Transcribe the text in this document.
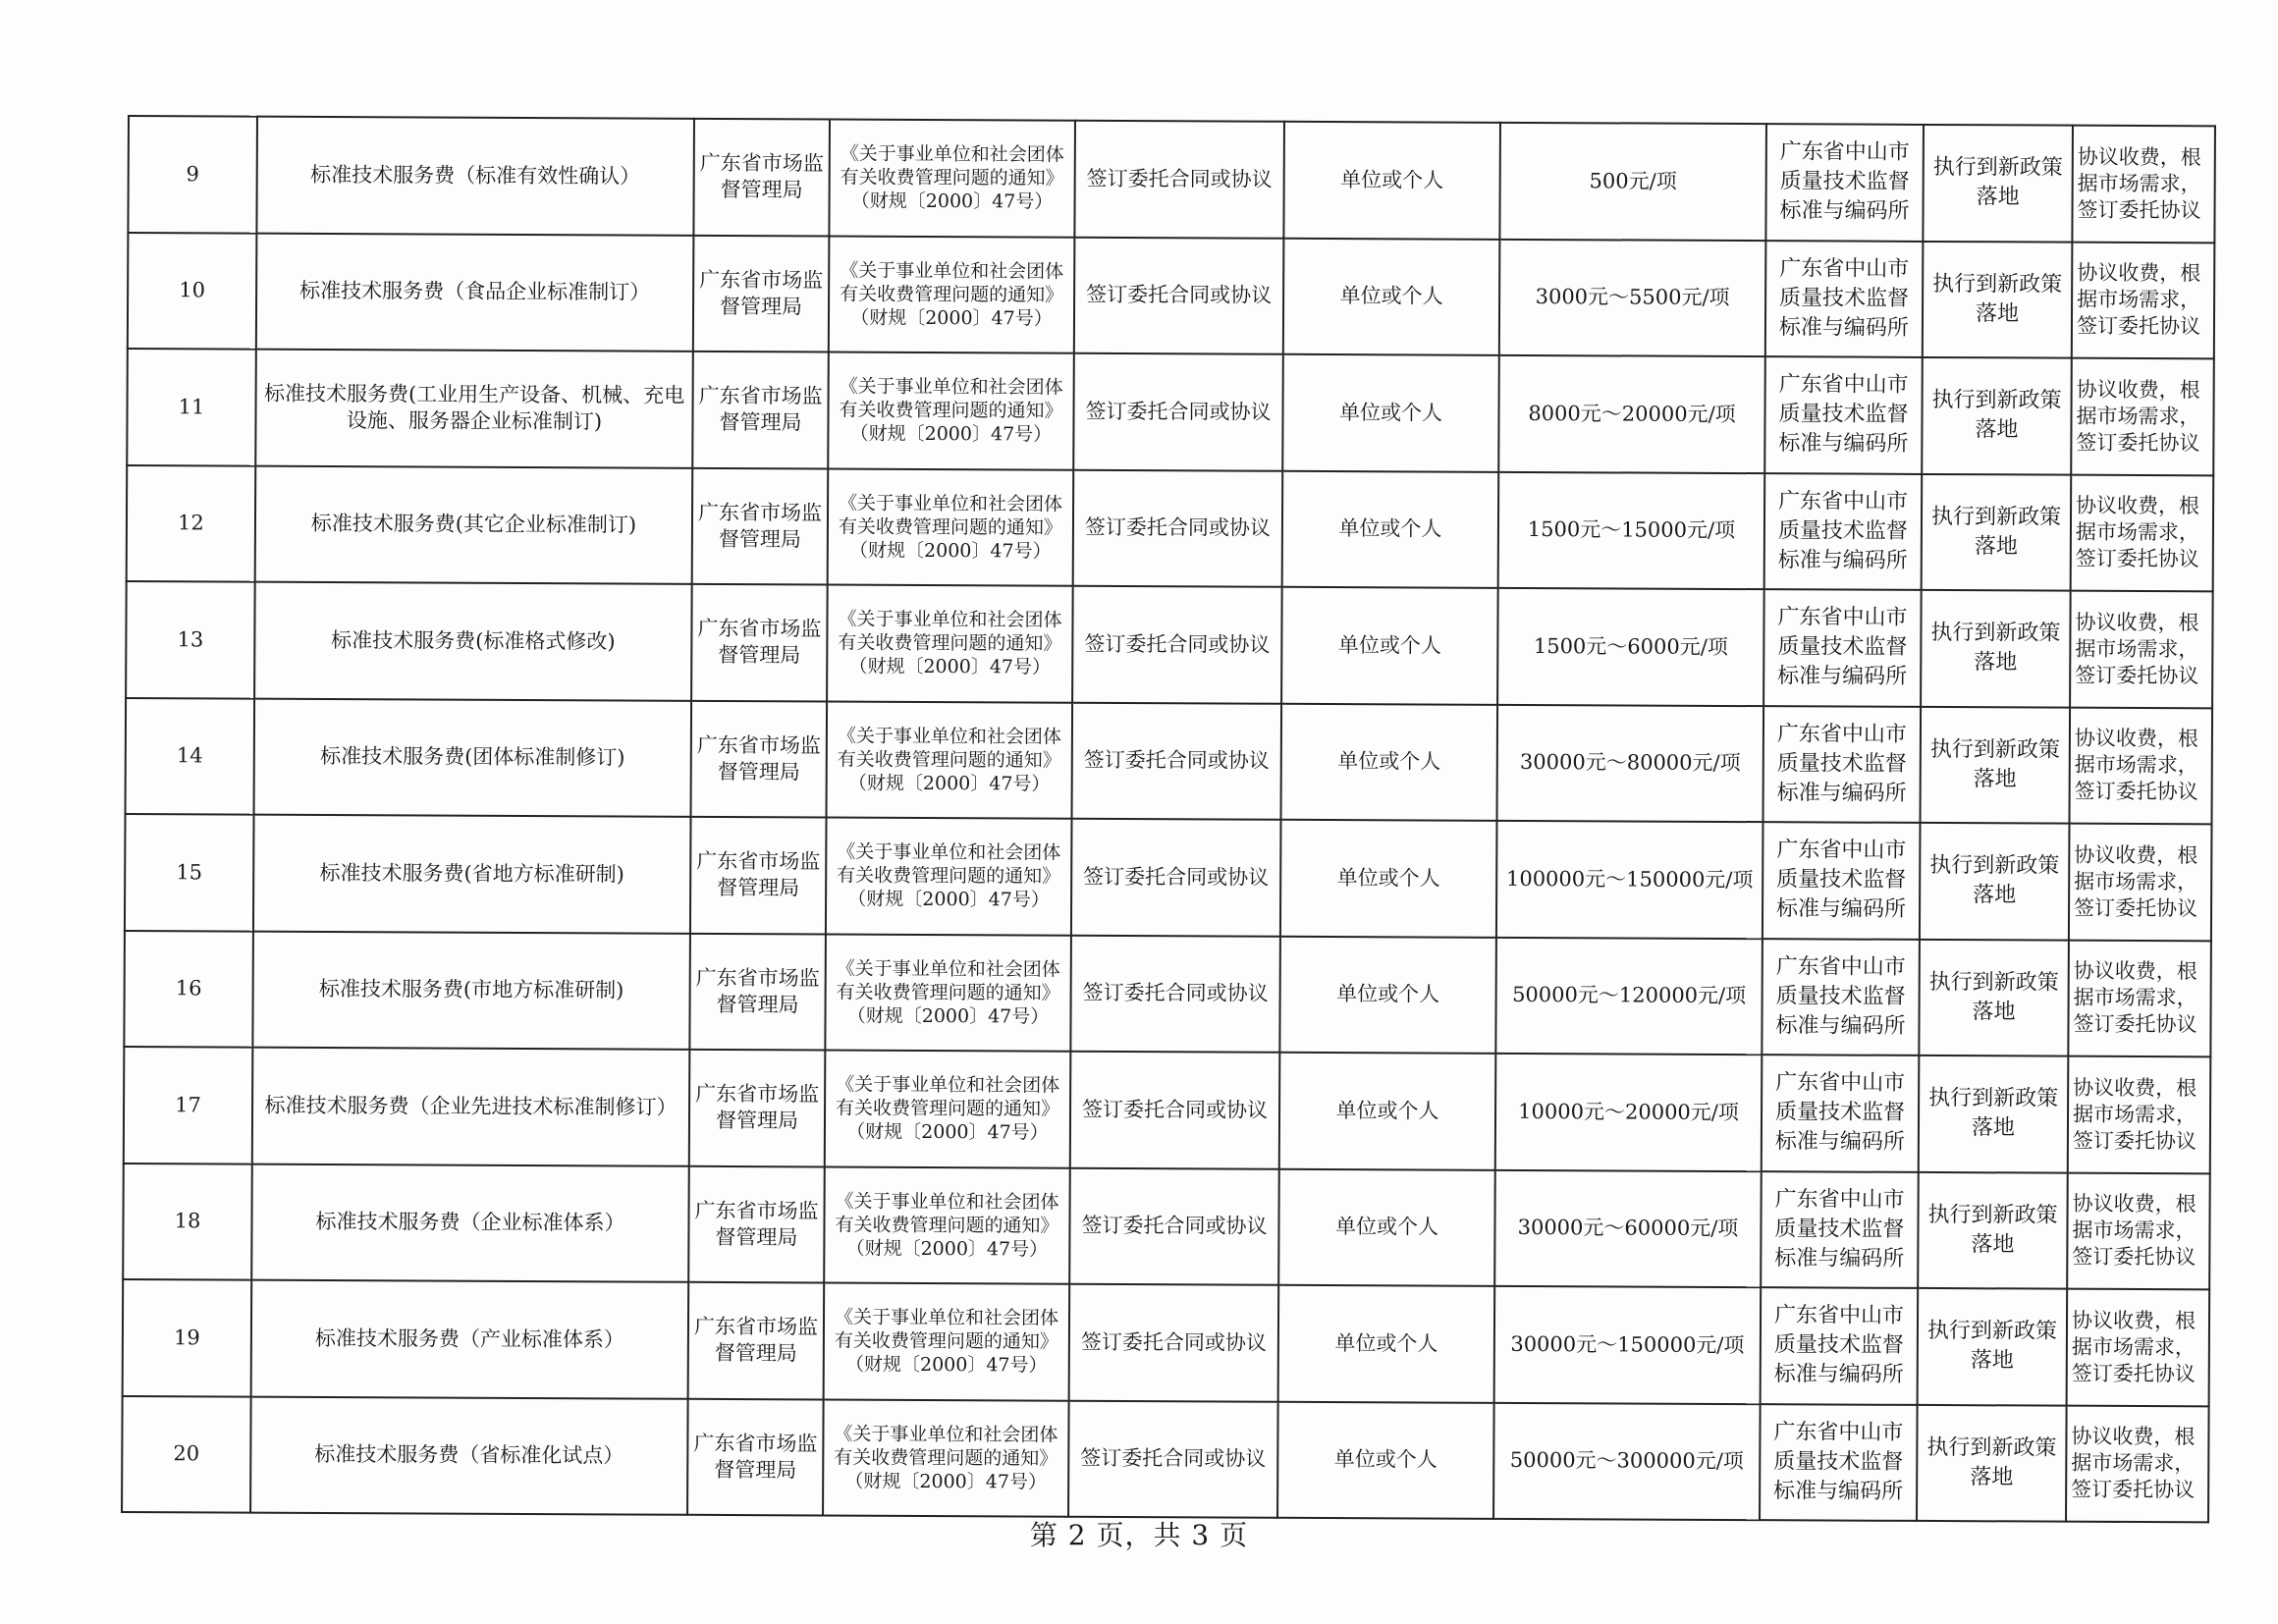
9	标准技术服务费（标准有效性确认）	广东省市场监督管理局	《关于事业单位和社会团体有关收费管理问题的通知》（财规〔2000〕47号）	签订委托合同或协议	单位或个人	500元/项	广东省中山市质量技术监督标准与编码所	执行到新政策落地	协议收费，根据市场需求，签订委托协议
10	标准技术服务费（食品企业标准制订）	广东省市场监督管理局	《关于事业单位和社会团体有关收费管理问题的通知》（财规〔2000〕47号）	签订委托合同或协议	单位或个人	3000元～5500元/项	广东省中山市质量技术监督标准与编码所	执行到新政策落地	协议收费，根据市场需求，签订委托协议
11	标准技术服务费(工业用生产设备、机械、充电设施、服务器企业标准制订)	广东省市场监督管理局	《关于事业单位和社会团体有关收费管理问题的通知》（财规〔2000〕47号）	签订委托合同或协议	单位或个人	8000元～20000元/项	广东省中山市质量技术监督标准与编码所	执行到新政策落地	协议收费，根据市场需求，签订委托协议
12	标准技术服务费(其它企业标准制订)	广东省市场监督管理局	《关于事业单位和社会团体有关收费管理问题的通知》（财规〔2000〕47号）	签订委托合同或协议	单位或个人	1500元～15000元/项	广东省中山市质量技术监督标准与编码所	执行到新政策落地	协议收费，根据市场需求，签订委托协议
13	标准技术服务费(标准格式修改)	广东省市场监督管理局	《关于事业单位和社会团体有关收费管理问题的通知》（财规〔2000〕47号）	签订委托合同或协议	单位或个人	1500元～6000元/项	广东省中山市质量技术监督标准与编码所	执行到新政策落地	协议收费，根据市场需求，签订委托协议
14	标准技术服务费(团体标准制修订)	广东省市场监督管理局	《关于事业单位和社会团体有关收费管理问题的通知》（财规〔2000〕47号）	签订委托合同或协议	单位或个人	30000元～80000元/项	广东省中山市质量技术监督标准与编码所	执行到新政策落地	协议收费，根据市场需求，签订委托协议
15	标准技术服务费(省地方标准研制)	广东省市场监督管理局	《关于事业单位和社会团体有关收费管理问题的通知》（财规〔2000〕47号）	签订委托合同或协议	单位或个人	100000元～150000元/项	广东省中山市质量技术监督标准与编码所	执行到新政策落地	协议收费，根据市场需求，签订委托协议
16	标准技术服务费(市地方标准研制)	广东省市场监督管理局	《关于事业单位和社会团体有关收费管理问题的通知》（财规〔2000〕47号）	签订委托合同或协议	单位或个人	50000元～120000元/项	广东省中山市质量技术监督标准与编码所	执行到新政策落地	协议收费，根据市场需求，签订委托协议
17	标准技术服务费（企业先进技术标准制修订）	广东省市场监督管理局	《关于事业单位和社会团体有关收费管理问题的通知》（财规〔2000〕47号）	签订委托合同或协议	单位或个人	10000元～20000元/项	广东省中山市质量技术监督标准与编码所	执行到新政策落地	协议收费，根据市场需求，签订委托协议
18	标准技术服务费（企业标准体系）	广东省市场监督管理局	《关于事业单位和社会团体有关收费管理问题的通知》（财规〔2000〕47号）	签订委托合同或协议	单位或个人	30000元～60000元/项	广东省中山市质量技术监督标准与编码所	执行到新政策落地	协议收费，根据市场需求，签订委托协议
19	标准技术服务费（产业标准体系）	广东省市场监督管理局	《关于事业单位和社会团体有关收费管理问题的通知》（财规〔2000〕47号）	签订委托合同或协议	单位或个人	30000元～150000元/项	广东省中山市质量技术监督标准与编码所	执行到新政策落地	协议收费，根据市场需求，签订委托协议
20	标准技术服务费（省标准化试点）	广东省市场监督管理局	《关于事业单位和社会团体有关收费管理问题的通知》（财规〔2000〕47号）	签订委托合同或协议	单位或个人	50000元～300000元/项	广东省中山市质量技术监督标准与编码所	执行到新政策落地	协议收费，根据市场需求，签订委托协议
第 2 页，共 3 页
